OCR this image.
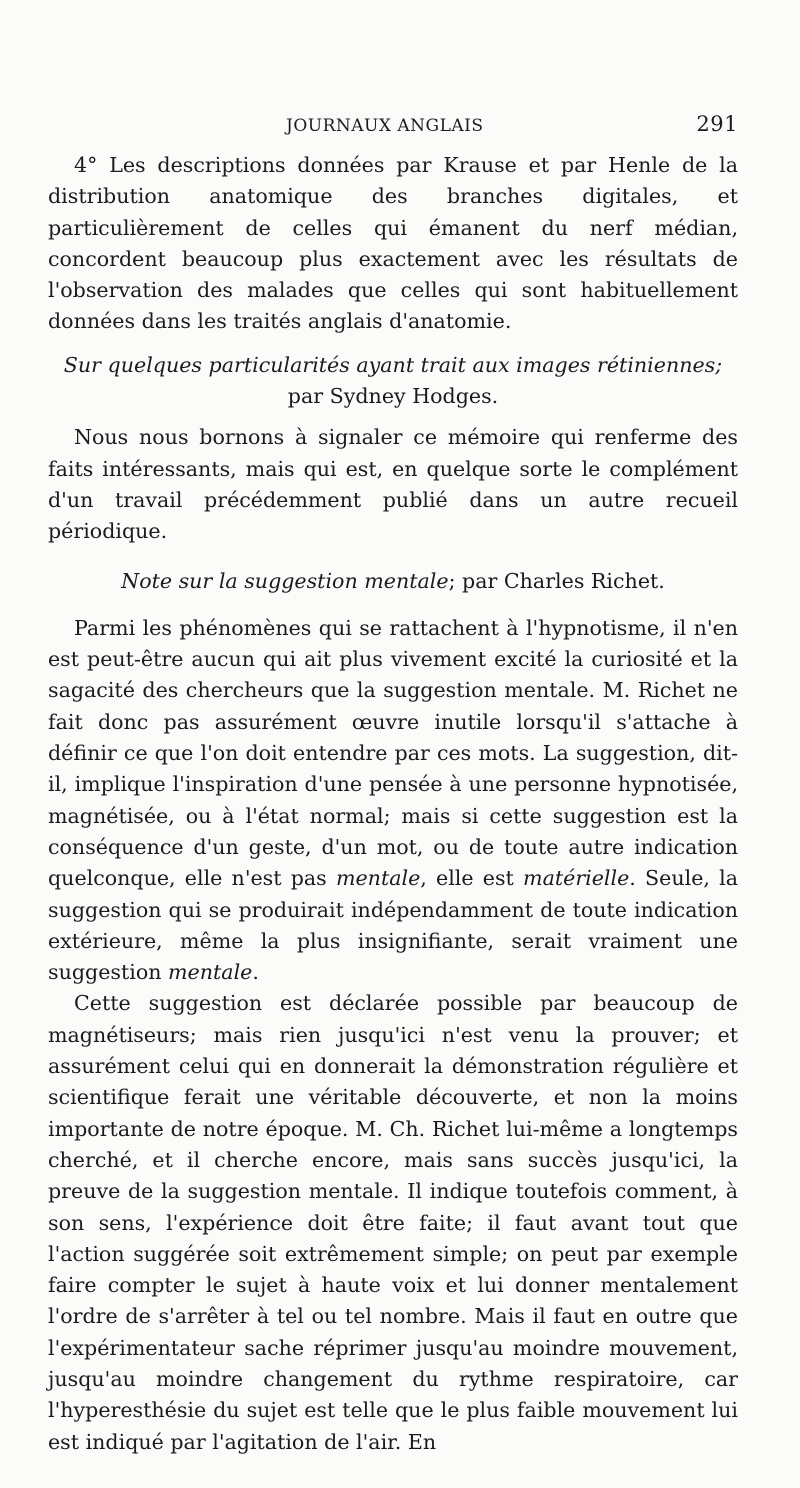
JOURNAUX ANGLAIS	291

4° Les descriptions données par Krause et par Henle de la distribution anatomique des branches digitales, et particulièrement de celles qui émanent du nerf médian, concordent beaucoup plus exactement avec les résultats de l'observation des malades que celles qui sont habituellement données dans les traités anglais d'anatomie.

Sur quelques particularités ayant trait aux images rétiniennes;
par Sydney Hodges.

Nous nous bornons à signaler ce mémoire qui renferme des faits intéressants, mais qui est, en quelque sorte le complément d'un travail précédemment publié dans un autre recueil périodique.

Note sur la suggestion mentale; par Charles Richet.

Parmi les phénomènes qui se rattachent à l'hypnotisme, il n'en est peut-être aucun qui ait plus vivement excité la curiosité et la sagacité des chercheurs que la suggestion mentale. M. Richet ne fait donc pas assurément œuvre inutile lorsqu'il s'attache à définir ce que l'on doit entendre par ces mots. La suggestion, dit-il, implique l'inspiration d'une pensée à une personne hypnotisée, magnétisée, ou à l'état normal; mais si cette suggestion est la conséquence d'un geste, d'un mot, ou de toute autre indication quelconque, elle n'est pas mentale, elle est matérielle. Seule, la suggestion qui se produirait indépendamment de toute indication extérieure, même la plus insignifiante, serait vraiment une suggestion mentale.

Cette suggestion est déclarée possible par beaucoup de magnétiseurs; mais rien jusqu'ici n'est venu la prouver; et assurément celui qui en donnerait la démonstration régulière et scientifique ferait une véritable découverte, et non la moins importante de notre époque. M. Ch. Richet lui-même a longtemps cherché, et il cherche encore, mais sans succès jusqu'ici, la preuve de la suggestion mentale. Il indique toutefois comment, à son sens, l'expérience doit être faite; il faut avant tout que l'action suggérée soit extrêmement simple; on peut par exemple faire compter le sujet à haute voix et lui donner mentalement l'ordre de s'arrêter à tel ou tel nombre. Mais il faut en outre que l'expérimentateur sache réprimer jusqu'au moindre mouvement, jusqu'au moindre changement du rythme respiratoire, car l'hyperesthésie du sujet est telle que le plus faible mouvement lui est indiqué par l'agitation de l'air. En
